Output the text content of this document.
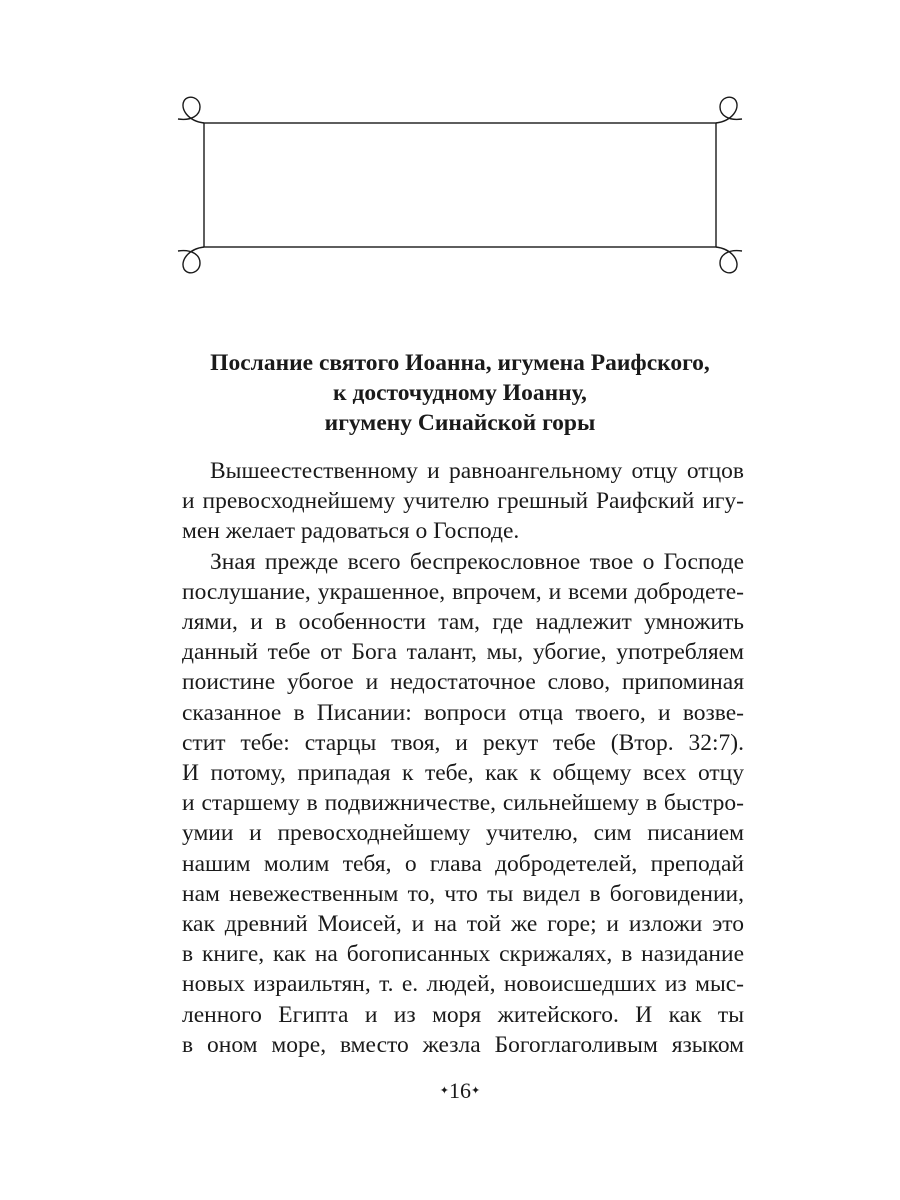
Послание святого Иоанна, игумена Раифского,
к досточудному Иоанну,
игумену Синайской горы
Вышеестественному и равноангельному отцу отцов
и превосходнейшему учителю грешный Раифский игу-
мен желает радоваться о Господе.
Зная прежде всего беспрекословное твое о Господе
послушание, украшенное, впрочем, и всеми добродете-
лями, и в особенности там, где надлежит умножить
данный тебе от Бога талант, мы, убогие, употребляем
поистине убогое и недостаточное слово, припоминая
сказанное в Писании: вопроси отца твоего, и возве-
стит тебе: старцы твоя, и рекут тебе (Втор. 32:7).
И потому, припадая к тебе, как к общему всех отцу
и старшему в подвижничестве, сильнейшему в быстро-
умии и превосходнейшему учителю, сим писанием
нашим молим тебя, о глава добродетелей, преподай
нам невежественным то, что ты видел в боговидении,
как древний Моисей, и на той же горе; и изложи это
в книге, как на богописанных скрижалях, в назидание
новых израильтян, т. е. людей, новоисшедших из мыс-
ленного Египта и из моря житейского. И как ты
в оном море, вместо жезла Богоглаголивым языком
✦16✦
